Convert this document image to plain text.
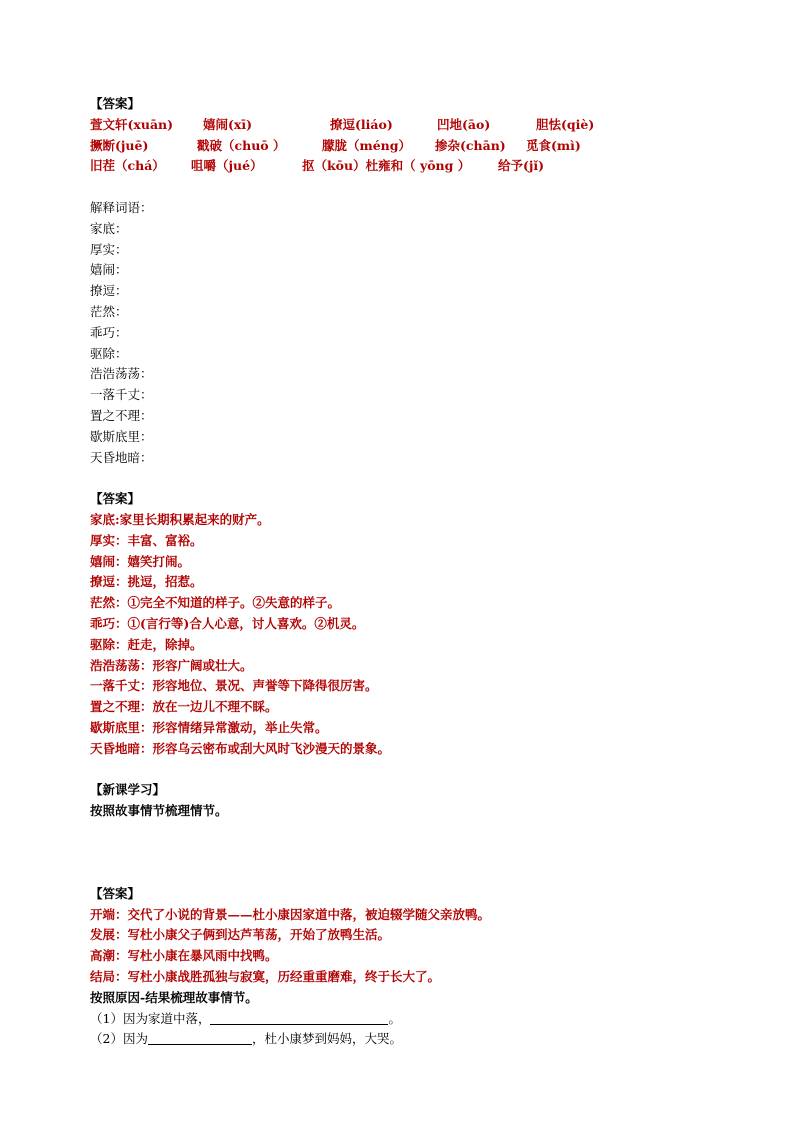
【答案】
萱文轩(xuān)	嬉闹(xī)	撩逗(liáo)	凹地(āo)	胆怯(qiè)
撅断(juē)	戳破（chuō ）	朦胧（méng）	掺杂(chān)	觅食(mì)
旧茬（chá）	咀嚼（jué）	抠（kōu）杜雍和（ yōng ）	给予(jǐ)
解释词语：
家底：
厚实：
嬉闹：
撩逗：
茫然：
乖巧：
驱除：
浩浩荡荡：
一落千丈：
置之不理：
歇斯底里：
天昏地暗：
【答案】
家底:家里长期积累起来的财产。
厚实：丰富、富裕。
嬉闹：嬉笑打闹。
撩逗：挑逗，招惹。
茫然：①完全不知道的样子。②失意的样子。
乖巧：①(言行等)合人心意，讨人喜欢。②机灵。
驱除：赶走，除掉。
浩浩荡荡：形容广阔或壮大。
一落千丈：形容地位、景况、声誉等下降得很厉害。
置之不理：放在一边儿不理不睬。
歇斯底里：形容情绪异常激动，举止失常。
天昏地暗：形容乌云密布或刮大风时飞沙漫天的景象。
【新课学习】
按照故事情节梳理情节。
【答案】
开端：交代了小说的背景——杜小康因家道中落，被迫辍学随父亲放鸭。
发展：写杜小康父子俩到达芦苇荡，开始了放鸭生活。
高潮：写杜小康在暴风雨中找鸭。
结局：写杜小康战胜孤独与寂寞，历经重重磨难，终于长大了。
按照原因-结果梳理故事情节。
（1）因为家道中落，	。
（2）因为	，杜小康梦到妈妈，大哭。
